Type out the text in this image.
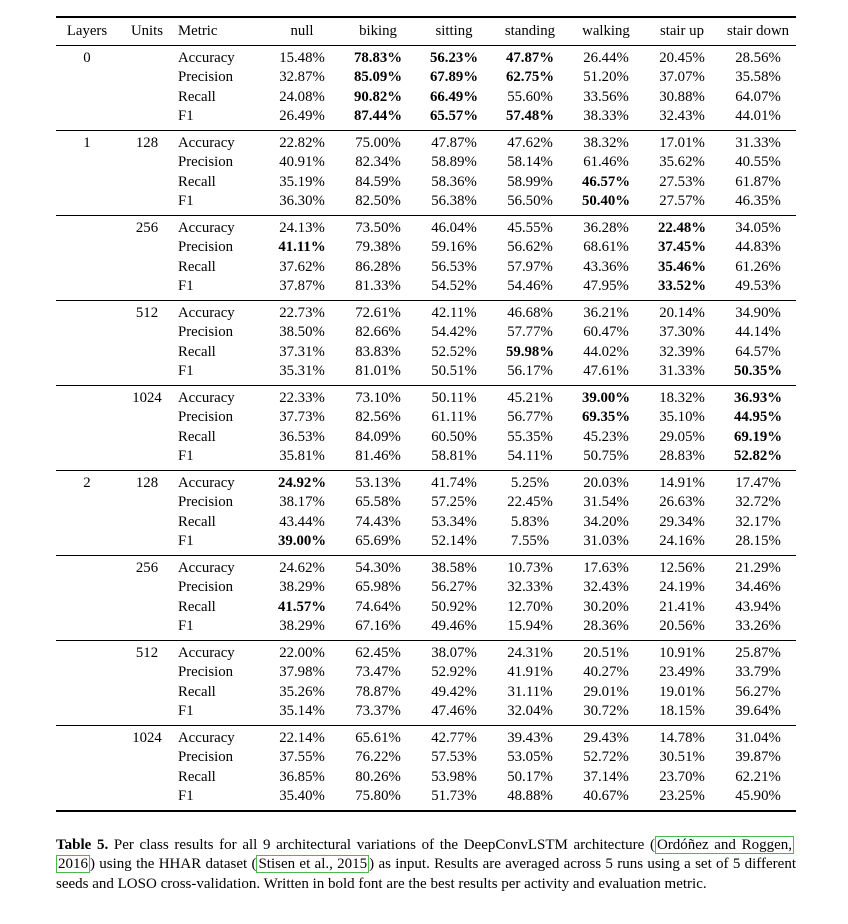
Layers	Units	Metric	null	biking	sitting	standing	walking	stair up	stair down
0		Accuracy	15.48%	78.83%	56.23%	47.87%	26.44%	20.45%	28.56%
		Precision	32.87%	85.09%	67.89%	62.75%	51.20%	37.07%	35.58%
		Recall	24.08%	90.82%	66.49%	55.60%	33.56%	30.88%	64.07%
		F1	26.49%	87.44%	65.57%	57.48%	38.33%	32.43%	44.01%
1	128	Accuracy	22.82%	75.00%	47.87%	47.62%	38.32%	17.01%	31.33%
		Precision	40.91%	82.34%	58.89%	58.14%	61.46%	35.62%	40.55%
		Recall	35.19%	84.59%	58.36%	58.99%	46.57%	27.53%	61.87%
		F1	36.30%	82.50%	56.38%	56.50%	50.40%	27.57%	46.35%
	256	Accuracy	24.13%	73.50%	46.04%	45.55%	36.28%	22.48%	34.05%
		Precision	41.11%	79.38%	59.16%	56.62%	68.61%	37.45%	44.83%
		Recall	37.62%	86.28%	56.53%	57.97%	43.36%	35.46%	61.26%
		F1	37.87%	81.33%	54.52%	54.46%	47.95%	33.52%	49.53%
	512	Accuracy	22.73%	72.61%	42.11%	46.68%	36.21%	20.14%	34.90%
		Precision	38.50%	82.66%	54.42%	57.77%	60.47%	37.30%	44.14%
		Recall	37.31%	83.83%	52.52%	59.98%	44.02%	32.39%	64.57%
		F1	35.31%	81.01%	50.51%	56.17%	47.61%	31.33%	50.35%
	1024	Accuracy	22.33%	73.10%	50.11%	45.21%	39.00%	18.32%	36.93%
		Precision	37.73%	82.56%	61.11%	56.77%	69.35%	35.10%	44.95%
		Recall	36.53%	84.09%	60.50%	55.35%	45.23%	29.05%	69.19%
		F1	35.81%	81.46%	58.81%	54.11%	50.75%	28.83%	52.82%
2	128	Accuracy	24.92%	53.13%	41.74%	5.25%	20.03%	14.91%	17.47%
		Precision	38.17%	65.58%	57.25%	22.45%	31.54%	26.63%	32.72%
		Recall	43.44%	74.43%	53.34%	5.83%	34.20%	29.34%	32.17%
		F1	39.00%	65.69%	52.14%	7.55%	31.03%	24.16%	28.15%
	256	Accuracy	24.62%	54.30%	38.58%	10.73%	17.63%	12.56%	21.29%
		Precision	38.29%	65.98%	56.27%	32.33%	32.43%	24.19%	34.46%
		Recall	41.57%	74.64%	50.92%	12.70%	30.20%	21.41%	43.94%
		F1	38.29%	67.16%	49.46%	15.94%	28.36%	20.56%	33.26%
	512	Accuracy	22.00%	62.45%	38.07%	24.31%	20.51%	10.91%	25.87%
		Precision	37.98%	73.47%	52.92%	41.91%	40.27%	23.49%	33.79%
		Recall	35.26%	78.87%	49.42%	31.11%	29.01%	19.01%	56.27%
		F1	35.14%	73.37%	47.46%	32.04%	30.72%	18.15%	39.64%
	1024	Accuracy	22.14%	65.61%	42.77%	39.43%	29.43%	14.78%	31.04%
		Precision	37.55%	76.22%	57.53%	53.05%	52.72%	30.51%	39.87%
		Recall	36.85%	80.26%	53.98%	50.17%	37.14%	23.70%	62.21%
		F1	35.40%	75.80%	51.73%	48.88%	40.67%	23.25%	45.90%

Table 5. Per class results for all 9 architectural variations of the DeepConvLSTM architecture ( Ordóñez and Roggen, 2016 ) using the HHAR dataset ( Stisen et al., 2015 ) as input. Results are averaged across 5 runs using a set of 5 different seeds and LOSO cross-validation. Written in bold font are the best results per activity and evaluation metric.
